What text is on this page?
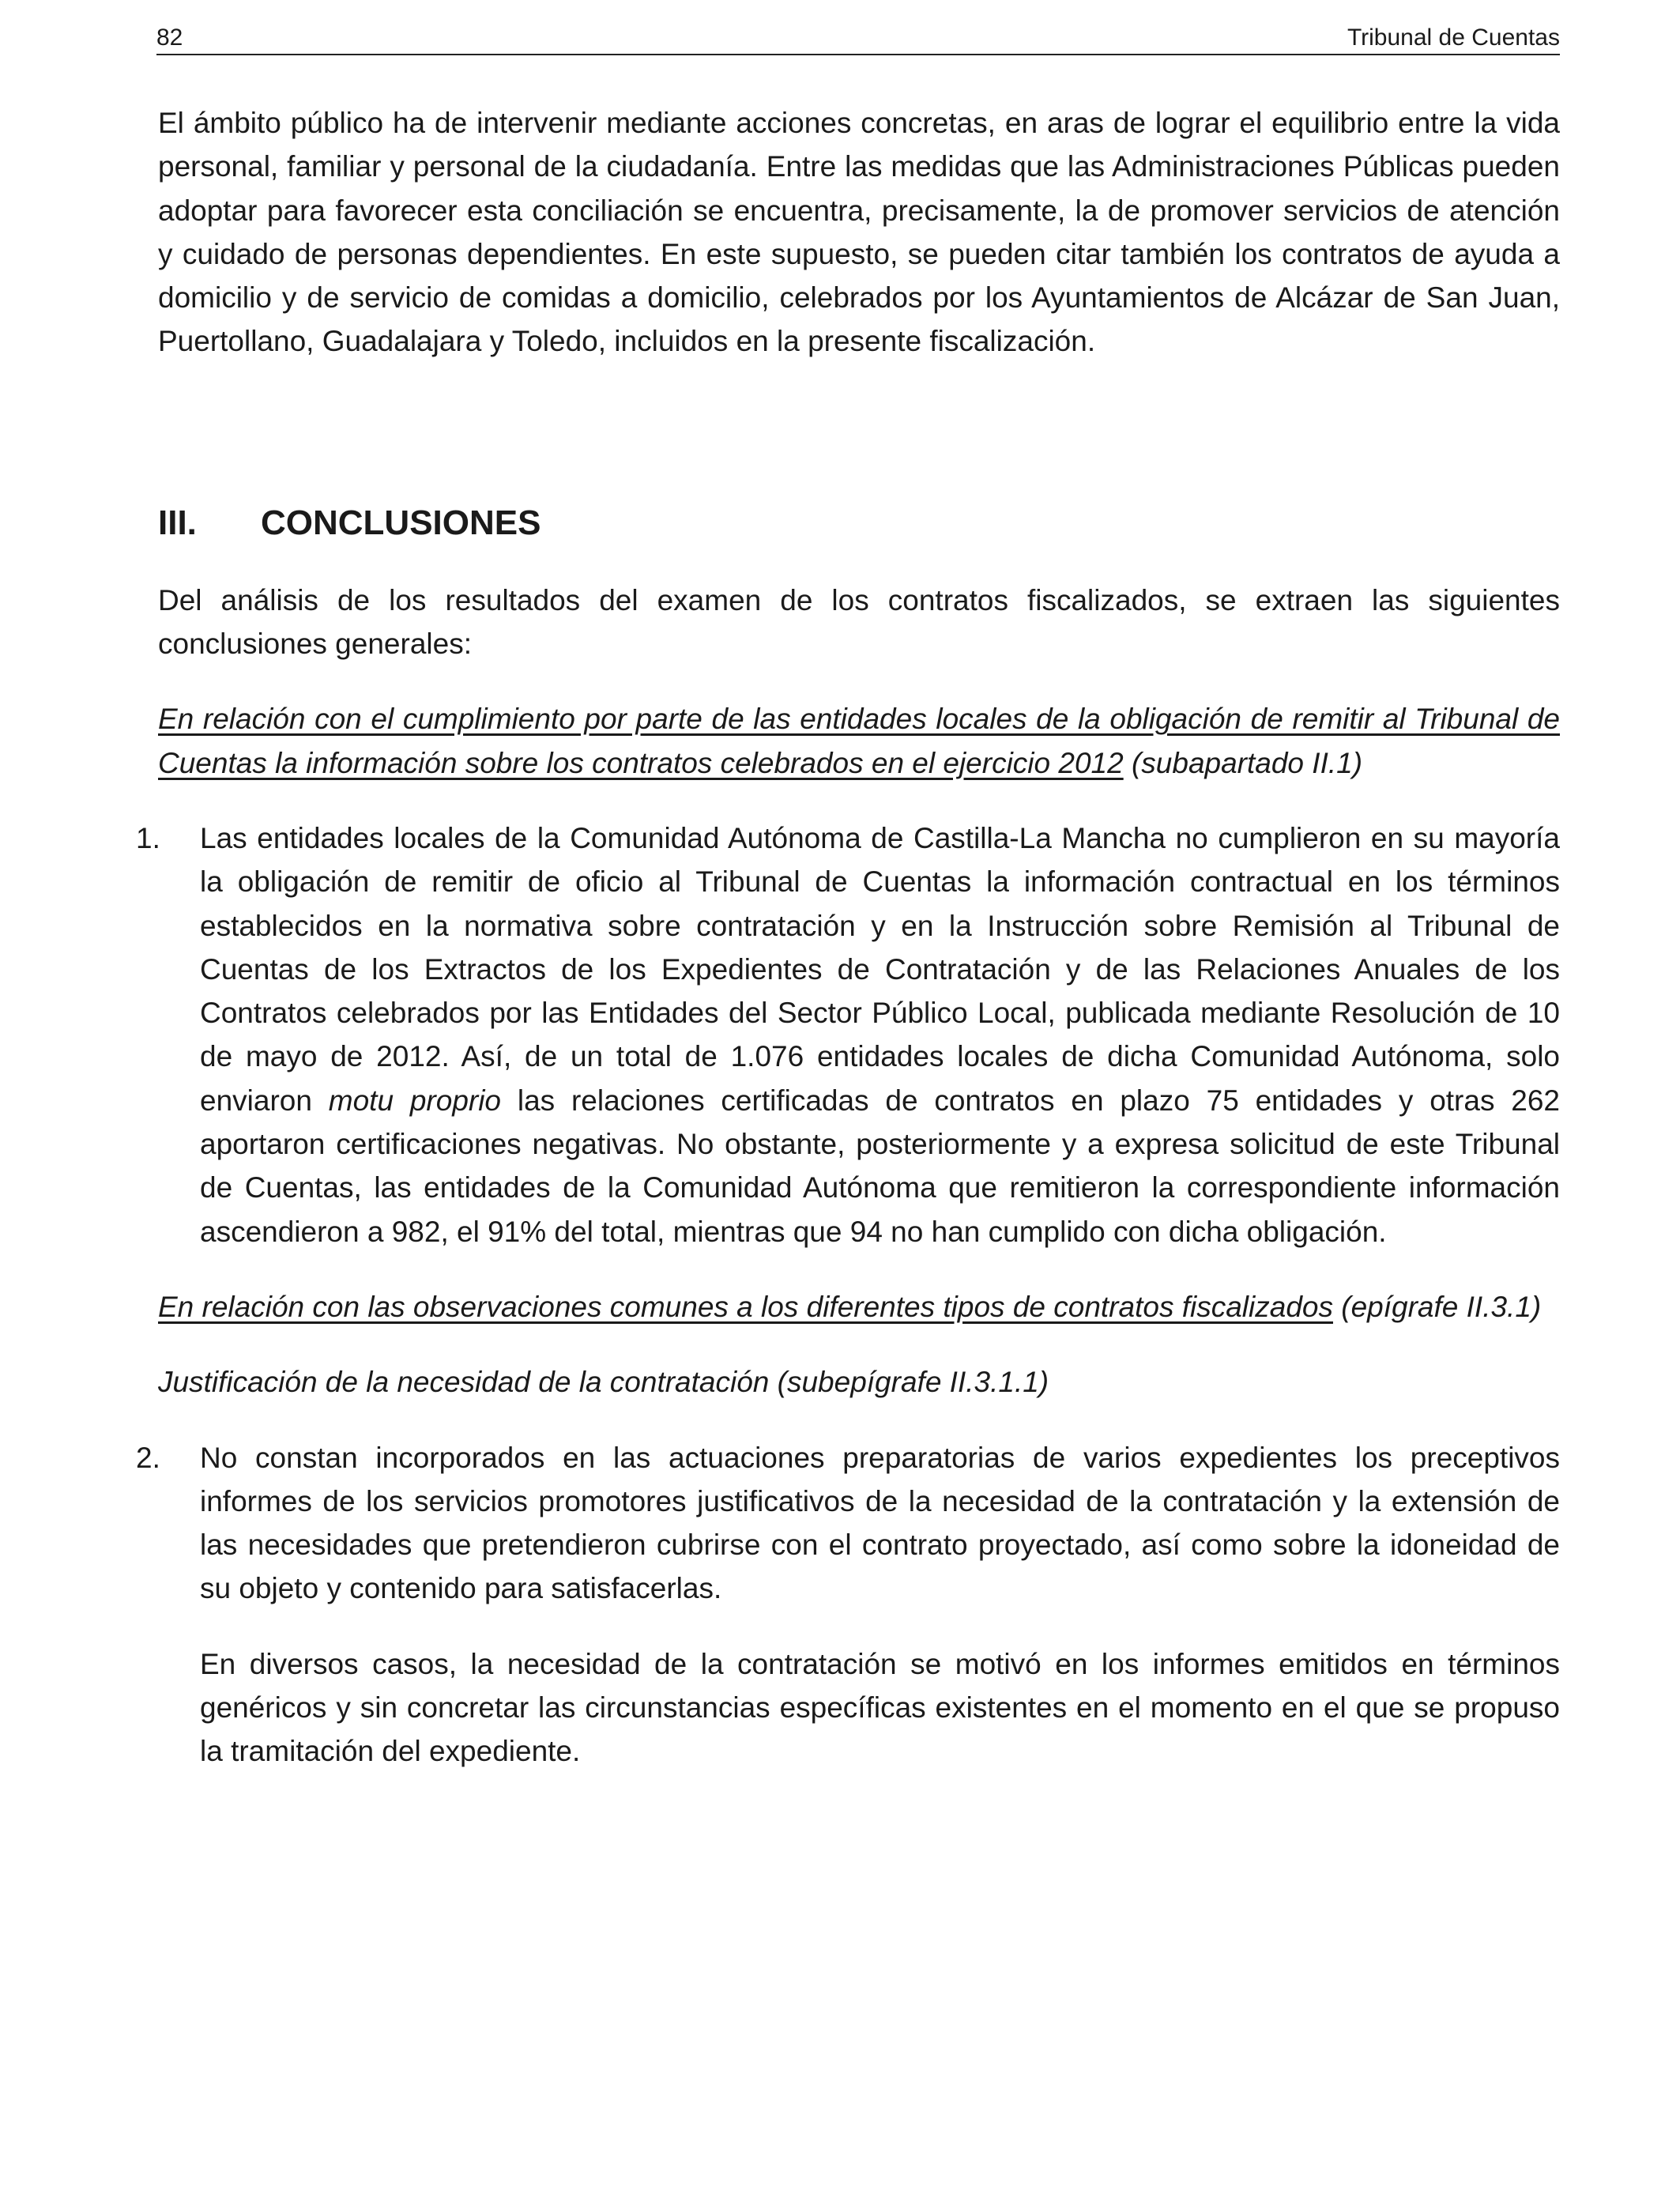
82	Tribunal de Cuentas

El ámbito público ha de intervenir mediante acciones concretas, en aras de lograr el equilibrio entre la vida personal, familiar y personal de la ciudadanía. Entre las medidas que las Administraciones Públicas pueden adoptar para favorecer esta conciliación se encuentra, precisamente, la de promover servicios de atención y cuidado de personas dependientes. En este supuesto, se pueden citar también los contratos de ayuda a domicilio y de servicio de comidas a domicilio, celebrados por los Ayuntamientos de Alcázar de San Juan, Puertollano, Guadalajara y Toledo, incluidos en la presente fiscalización.

III.	CONCLUSIONES

Del análisis de los resultados del examen de los contratos fiscalizados, se extraen las siguientes conclusiones generales:

En relación con el cumplimiento por parte de las entidades locales de la obligación de remitir al Tribunal de Cuentas la información sobre los contratos celebrados en el ejercicio 2012 (subapartado II.1)

1. Las entidades locales de la Comunidad Autónoma de Castilla-La Mancha no cumplieron en su mayoría la obligación de remitir de oficio al Tribunal de Cuentas la información contractual en los términos establecidos en la normativa sobre contratación y en la Instrucción sobre Remisión al Tribunal de Cuentas de los Extractos de los Expedientes de Contratación y de las Relaciones Anuales de los Contratos celebrados por las Entidades del Sector Público Local, publicada mediante Resolución de 10 de mayo de 2012. Así, de un total de 1.076 entidades locales de dicha Comunidad Autónoma, solo enviaron motu proprio las relaciones certificadas de contratos en plazo 75 entidades y otras 262 aportaron certificaciones negativas. No obstante, posteriormente y a expresa solicitud de este Tribunal de Cuentas, las entidades de la Comunidad Autónoma que remitieron la correspondiente información ascendieron a 982, el 91% del total, mientras que 94 no han cumplido con dicha obligación.

En relación con las observaciones comunes a los diferentes tipos de contratos fiscalizados (epígrafe II.3.1)

Justificación de la necesidad de la contratación (subepígrafe II.3.1.1)

2. No constan incorporados en las actuaciones preparatorias de varios expedientes los preceptivos informes de los servicios promotores justificativos de la necesidad de la contratación y la extensión de las necesidades que pretendieron cubrirse con el contrato proyectado, así como sobre la idoneidad de su objeto y contenido para satisfacerlas.

En diversos casos, la necesidad de la contratación se motivó en los informes emitidos en términos genéricos y sin concretar las circunstancias específicas existentes en el momento en el que se propuso la tramitación del expediente.
